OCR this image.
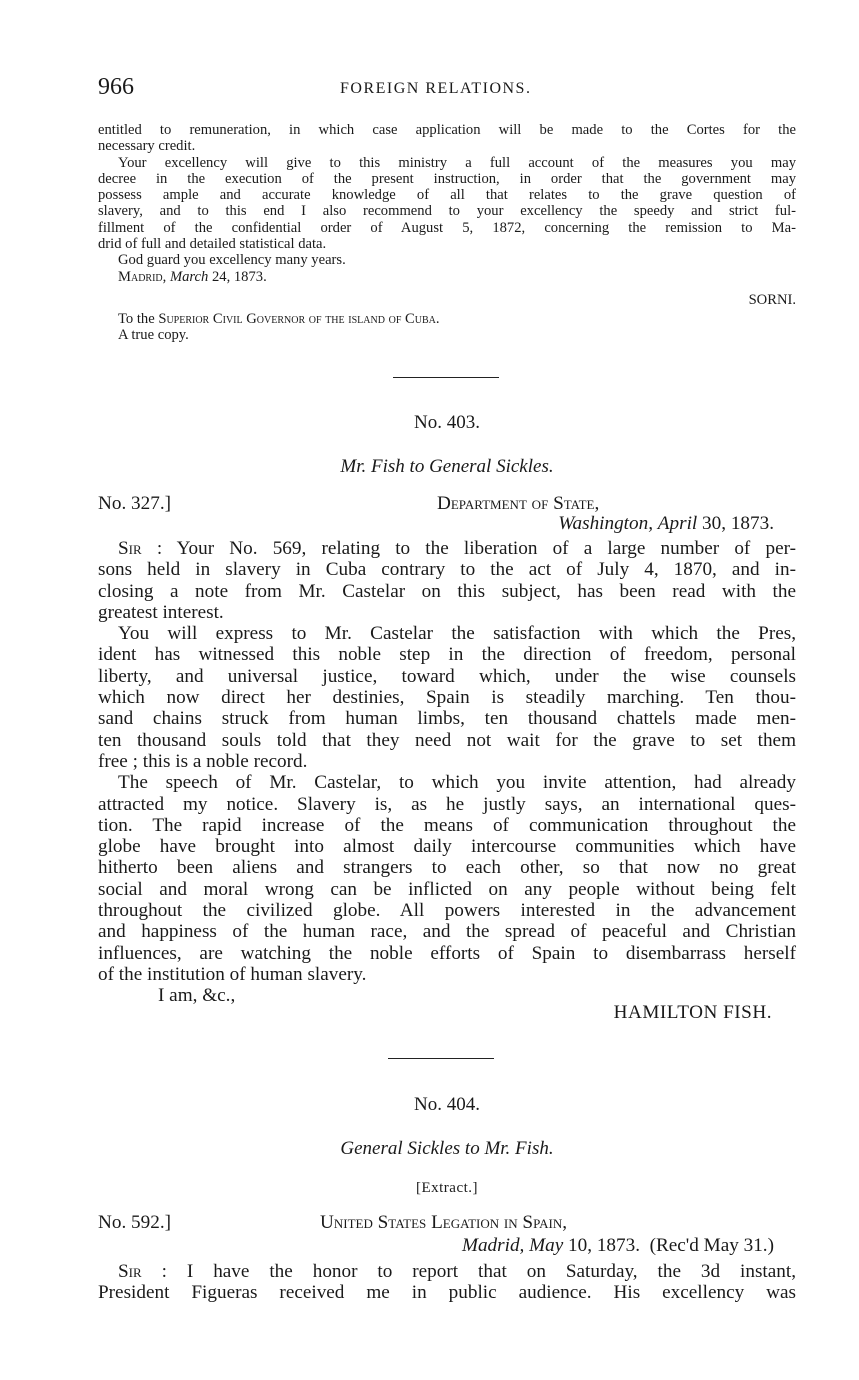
966	FOREIGN RELATIONS.

entitled to remuneration, in which case application will be made to the Cortes for the

necessary credit.

Your excellency will give to this ministry a full account of the measures you may

decree in the execution of the present instruction, in order that the government may

possess ample and accurate knowledge of all that relates to the grave question of

slavery, and to this end I also recommend to your excellency the speedy and strict ful-

fillment of the confidential order of August 5, 1872, concerning the remission to Ma-

drid of full and detailed statistical data.

God guard you excellency many years.

Madrid, March 24, 1873.

SORNI.

To the Superior Civil Governor of the island of Cuba.

A true copy.

No. 403.
Mr. Fish to General Sickles.
No. 327.]	Department of State,
Washington, April 30, 1873.

Sir : Your No. 569, relating to the liberation of a large number of per-

sons held in slavery in Cuba contrary to the act of July 4, 1870, and in-

closing a note from Mr. Castelar on this subject, has been read with the

greatest interest.

You will express to Mr. Castelar the satisfaction with which the Pres,

ident has witnessed this noble step in the direction of freedom, personal

liberty, and universal justice, toward which, under the wise counsels

which now direct her destinies, Spain is steadily marching. Ten thou-

sand chains struck from human limbs, ten thousand chattels made men-

ten thousand souls told that they need not wait for the grave to set them

free ; this is a noble record.

The speech of Mr. Castelar, to which you invite attention, had already

attracted my notice. Slavery is, as he justly says, an international ques-

tion. The rapid increase of the means of communication throughout the

globe have brought into almost daily intercourse communities which have

hitherto been aliens and strangers to each other, so that now no great

social and moral wrong can be inflicted on any people without being felt

throughout the civilized globe. All powers interested in the advancement

and happiness of the human race, and the spread of peaceful and Christian

influences, are watching the noble efforts of Spain to disembarrass herself

of the institution of human slavery.

I am, &c.,
HAMILTON FISH.
No. 404.
General Sickles to Mr. Fish.
[Extract.]
No. 592.]	United States Legation in Spain,
Madrid, May 10, 1873. (Rec'd May 31.)

Sir : I have the honor to report that on Saturday, the 3d instant,

President Figueras received me in public audience. His excellency was
